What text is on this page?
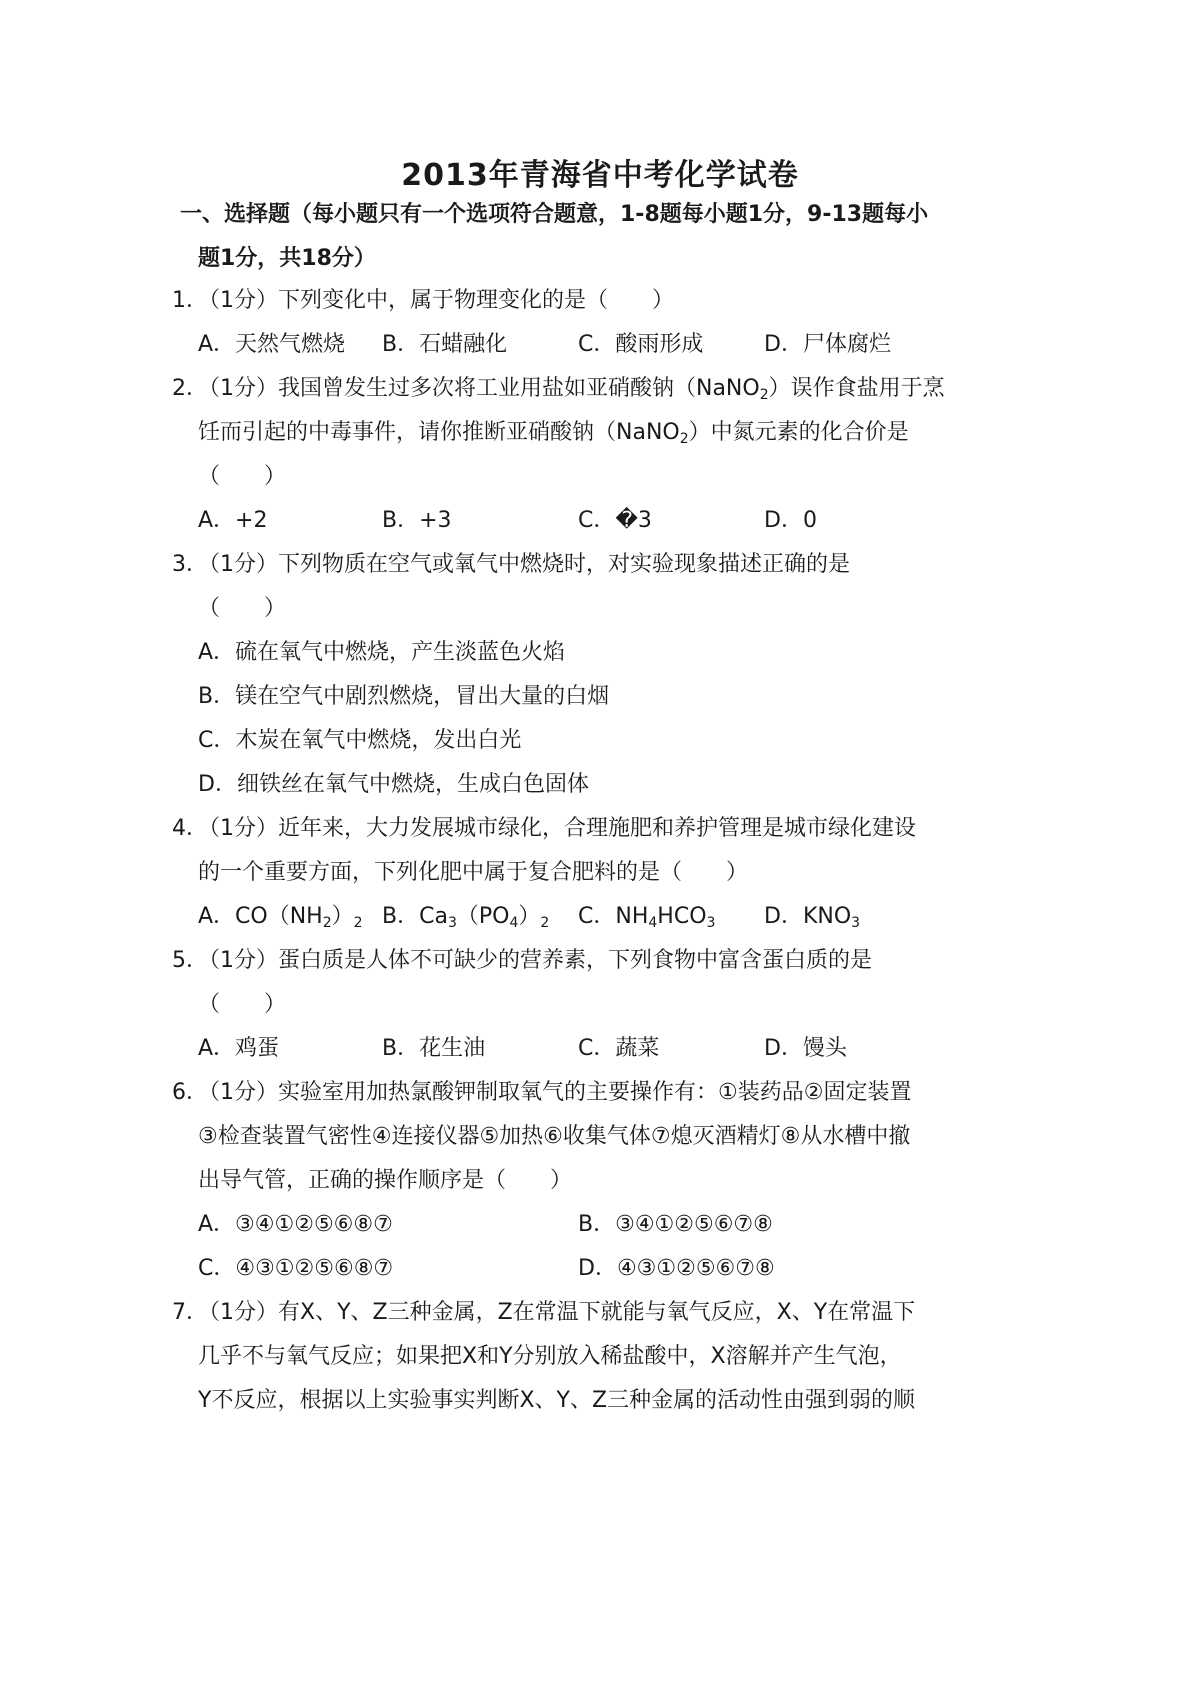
2013年青海省中考化学试卷
一、选择题（每小题只有一个选项符合题意，1-8题每小题1分，9-13题每小
题1分，共18分）
1．
（1分）下列变化中，属于物理变化的是（　　）
A．天然气燃烧 B．石蜡融化	C．酸雨形成	D．尸体腐烂
2．
（1分）我国曾发生过多次将工业用盐如亚硝酸钠（NaNO$_2$）误作食盐用于烹
饪而引起的中毒事件，请你推断亚硝酸钠（NaNO$_2$）中氮元素的化合价是
（　　）
A．+2	B．+3	C．�3	D．0
3．
（1分）下列物质在空气或氧气中燃烧时，对实验现象描述正确的是
（　　）
A．硫在氧气中燃烧，产生淡蓝色火焰
B．镁在空气中剧烈燃烧，冒出大量的白烟
C．木炭在氧气中燃烧，发出白光
D．细铁丝在氧气中燃烧，生成白色固体
4．
（1分）近年来，大力发展城市绿化，合理施肥和养护管理是城市绿化建设
的一个重要方面，下列化肥中属于复合肥料的是（　　）
A．$CO(NH_2)_2$ B．$Ca_3(PO_4)_2$ C．$NH_4HCO_3$ D．$KNO_3$
5．
（1分）蛋白质是人体不可缺少的营养素，下列食物中富含蛋白质的是
（　　）
A．鸡蛋	B．花生油	C．蔬菜	D．馒头
6．
（1分）实验室用加热氯酸钾制取氧气的主要操作有：①装药品②固定装置
③检查装置气密性④连接仪器⑤加热⑥收集气体⑦熄灭酒精灯⑧从水槽中撤
出导气管，正确的操作顺序是（　　）
A．③④①②⑤⑥⑧⑦	B．③④①②⑤⑥⑦⑧
C．④③①②⑤⑥⑧⑦	D．④③①②⑤⑥⑦⑧
7．
（1分）有X、Y、Z三种金属，Z在常温下就能与氧气反应，X、Y在常温下
几乎不与氧气反应；如果把X和Y分别放入稀盐酸中，X溶解并产生气泡，
Y不反应，根据以上实验事实判断X、Y、Z三种金属的活动性由强到弱的顺
